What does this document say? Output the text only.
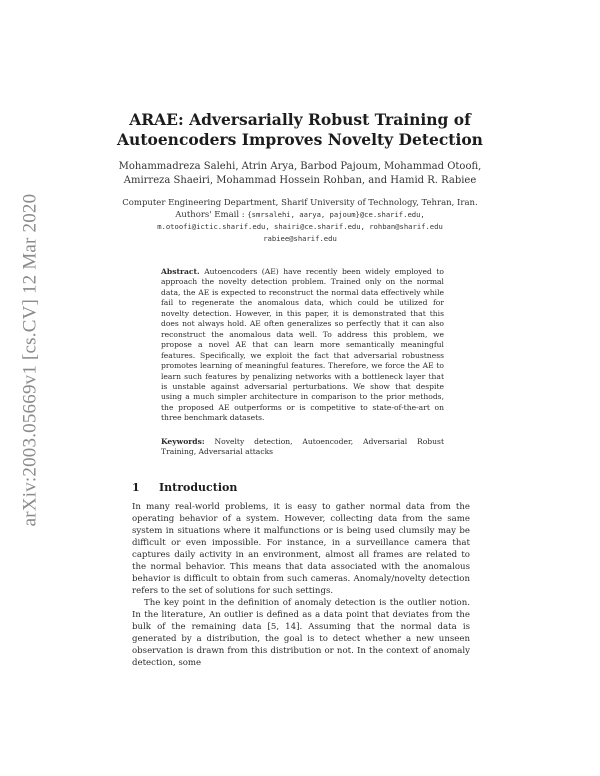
arXiv:2003.05669v1 [cs.CV] 12 Mar 2020
ARAE: Adversarially Robust Training of
Autoencoders Improves Novelty Detection
Mohammadreza Salehi, Atrin Arya, Barbod Pajoum, Mohammad Otoofi,
Amirreza Shaeiri, Mohammad Hossein Rohban, and Hamid R. Rabiee
Computer Engineering Department, Sharif University of Technology, Tehran, Iran.
Authors' Email : {smrsalehi, aarya, pajoum}@ce.sharif.edu,
m.otoofi@ictic.sharif.edu, shairi@ce.sharif.edu, rohban@sharif.edu
rabiee@sharif.edu
Abstract. Autoencoders (AE) have recently been widely employed to approach the novelty detection problem. Trained only on the normal data, the AE is expected to reconstruct the normal data effectively while fail to regenerate the anomalous data, which could be utilized for novelty detection. However, in this paper, it is demonstrated that this does not always hold. AE often generalizes so perfectly that it can also reconstruct the anomalous data well. To address this problem, we propose a novel AE that can learn more semantically meaningful features. Specifically, we exploit the fact that adversarial robustness promotes learning of meaningful features. Therefore, we force the AE to learn such features by penalizing networks with a bottleneck layer that is unstable against adversarial perturbations. We show that despite using a much simpler architecture in comparison to the prior methods, the proposed AE outperforms or is competitive to state-of-the-art on three benchmark datasets.
Keywords: Novelty detection, Autoencoder, Adversarial Robust Training, Adversarial attacks
1 Introduction

In many real-world problems, it is easy to gather normal data from the operating behavior of a system. However, collecting data from the same system in situations where it malfunctions or is being used clumsily may be difficult or even impossible. For instance, in a surveillance camera that captures daily activity in an environment, almost all frames are related to the normal behavior. This means that data associated with the anomalous behavior is difficult to obtain from such cameras. Anomaly/novelty detection refers to the set of solutions for such settings.

The key point in the definition of anomaly detection is the outlier notion. In the literature, An outlier is defined as a data point that deviates from the bulk of the remaining data [5, 14]. Assuming that the normal data is generated by a distribution, the goal is to detect whether a new unseen observation is drawn from this distribution or not. In the context of anomaly detection, some
